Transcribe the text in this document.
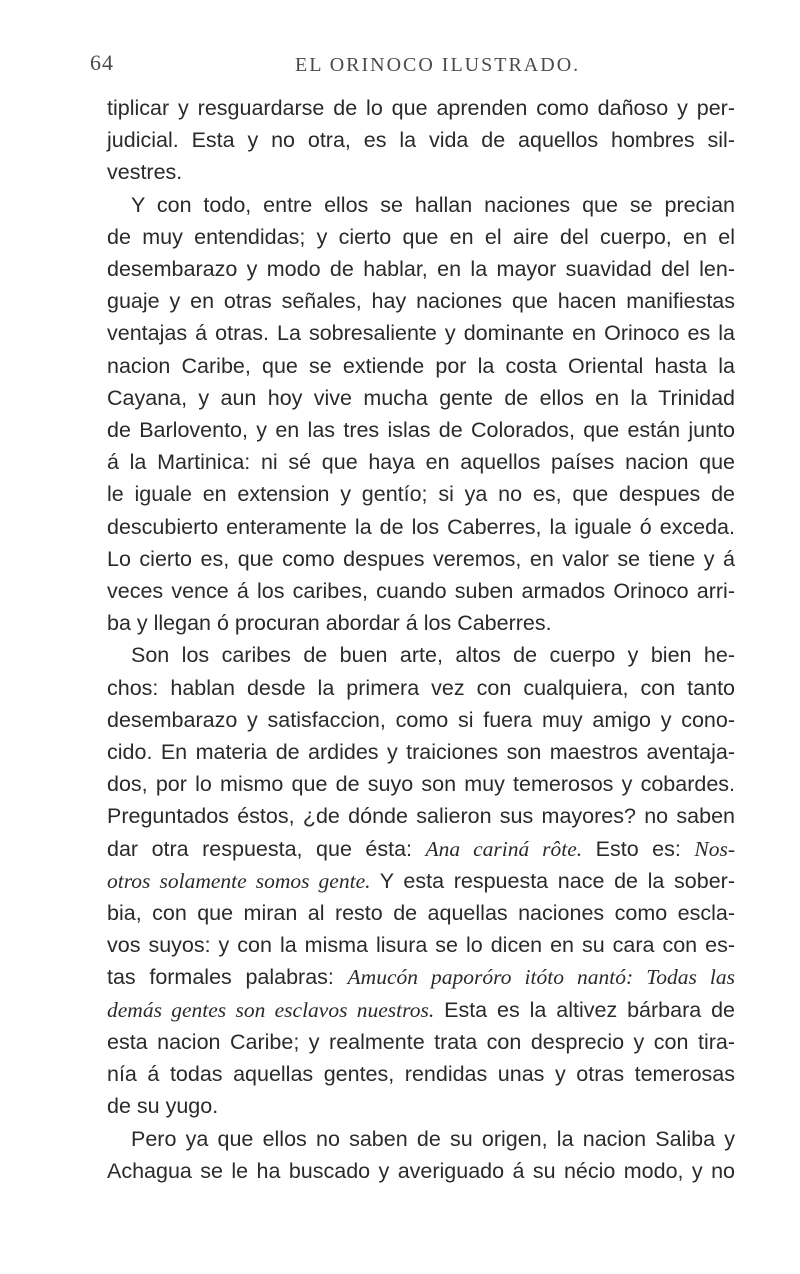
64	EL ORINOCO ILUSTRADO.
tiplicar y resguardarse de lo que aprenden como dañoso y per-
judicial. Esta y no otra, es la vida de aquellos hombres sil-
vestres.
Y con todo, entre ellos se hallan naciones que se precian
de muy entendidas; y cierto que en el aire del cuerpo, en el
desembarazo y modo de hablar, en la mayor suavidad del len-
guaje y en otras señales, hay naciones que hacen manifiestas
ventajas á otras. La sobresaliente y dominante en Orinoco es la
nacion Caribe, que se extiende por la costa Oriental hasta la
Cayana, y aun hoy vive mucha gente de ellos en la Trinidad
de Barlovento, y en las tres islas de Colorados, que están junto
á la Martinica: ni sé que haya en aquellos países nacion que
le iguale en extension y gentío; si ya no es, que despues de
descubierto enteramente la de los Caberres, la iguale ó exceda.
Lo cierto es, que como despues veremos, en valor se tiene y á
veces vence á los caribes, cuando suben armados Orinoco arri-
ba y llegan ó procuran abordar á los Caberres.
Son los caribes de buen arte, altos de cuerpo y bien he-
chos: hablan desde la primera vez con cualquiera, con tanto
desembarazo y satisfaccion, como si fuera muy amigo y cono-
cido. En materia de ardides y traiciones son maestros aventaja-
dos, por lo mismo que de suyo son muy temerosos y cobardes.
Preguntados éstos, ¿de dónde salieron sus mayores? no saben
dar otra respuesta, que ésta: Ana cariná rôte. Esto es: Nos-
otros solamente somos gente. Y esta respuesta nace de la sober-
bia, con que miran al resto de aquellas naciones como escla-
vos suyos: y con la misma lisura se lo dicen en su cara con es-
tas formales palabras: Amucón paporóro itóto nantó: Todas las
demás gentes son esclavos nuestros. Esta es la altivez bárbara de
esta nacion Caribe; y realmente trata con desprecio y con tira-
nía á todas aquellas gentes, rendidas unas y otras temerosas
de su yugo.
Pero ya que ellos no saben de su origen, la nacion Saliba y
Achagua se le ha buscado y averiguado á su nécio modo, y no
